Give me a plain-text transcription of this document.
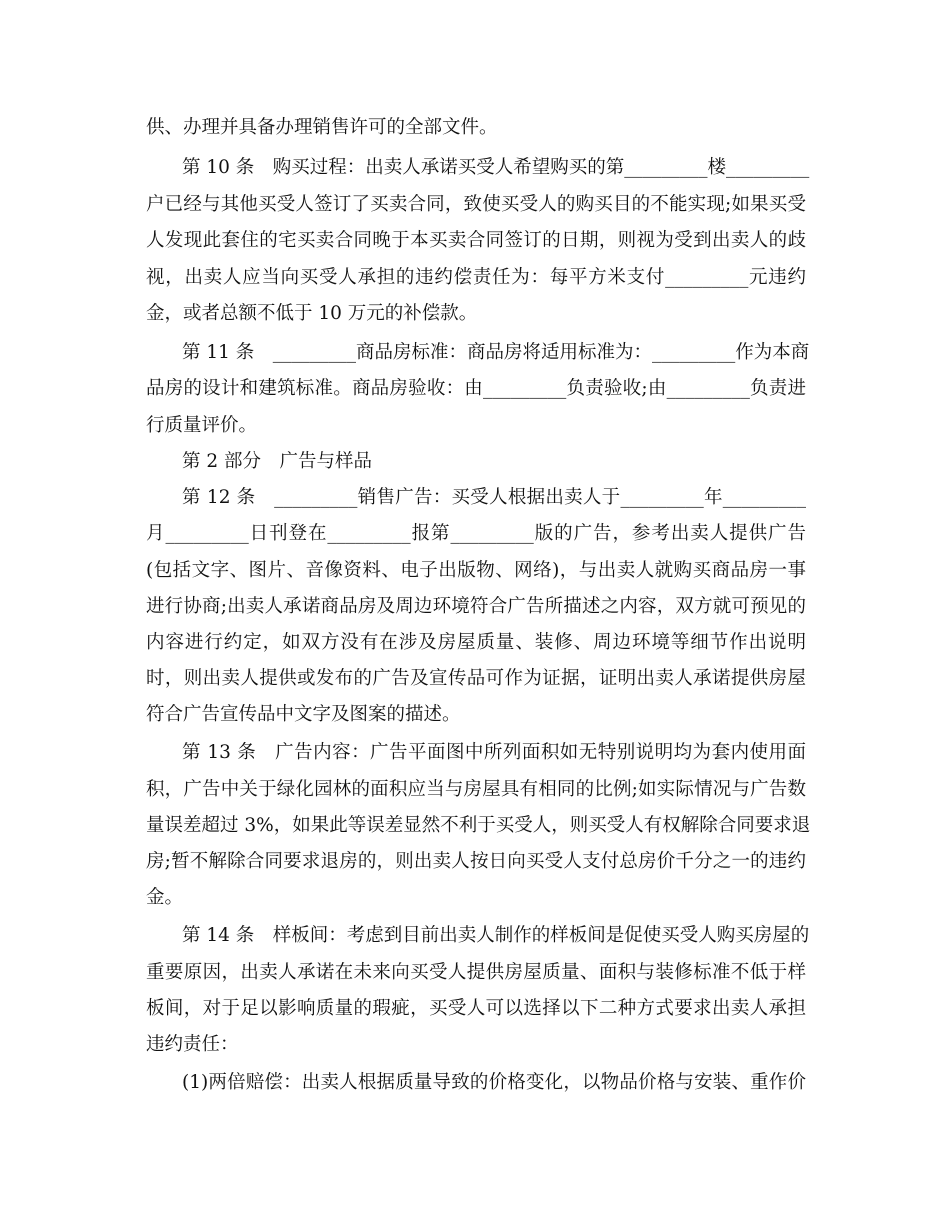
供、办理并具备办理销售许可的全部文件。
第 10 条　购买过程：出卖人承诺买受人希望购买的第_________楼_________
户已经与其他买受人签订了买卖合同，致使买受人的购买目的不能实现;如果买受
人发现此套住的宅买卖合同晚于本买卖合同签订的日期，则视为受到出卖人的歧
视，出卖人应当向买受人承担的违约偿责任为：每平方米支付_________元违约
金，或者总额不低于 10 万元的补偿款。
第 11 条　_________商品房标准：商品房将适用标准为：_________作为本商
品房的设计和建筑标准。商品房验收：由_________负责验收;由_________负责进
行质量评价。
第 2 部分　广告与样品
第 12 条　_________销售广告：买受人根据出卖人于_________年_________
月_________日刊登在_________报第_________版的广告，参考出卖人提供广告
(包括文字、图片、音像资料、电子出版物、网络)，与出卖人就购买商品房一事
进行协商;出卖人承诺商品房及周边环境符合广告所描述之内容，双方就可预见的
内容进行约定，如双方没有在涉及房屋质量、装修、周边环境等细节作出说明
时，则出卖人提供或发布的广告及宣传品可作为证据，证明出卖人承诺提供房屋
符合广告宣传品中文字及图案的描述。
第 13 条　广告内容：广告平面图中所列面积如无特别说明均为套内使用面
积，广告中关于绿化园林的面积应当与房屋具有相同的比例;如实际情况与广告数
量误差超过 3%，如果此等误差显然不利于买受人，则买受人有权解除合同要求退
房;暂不解除合同要求退房的，则出卖人按日向买受人支付总房价千分之一的违约
金。
第 14 条　样板间：考虑到目前出卖人制作的样板间是促使买受人购买房屋的
重要原因，出卖人承诺在未来向买受人提供房屋质量、面积与装修标准不低于样
板间，对于足以影响质量的瑕疵，买受人可以选择以下二种方式要求出卖人承担
违约责任：
(1)两倍赔偿：出卖人根据质量导致的价格变化，以物品价格与安装、重作价
